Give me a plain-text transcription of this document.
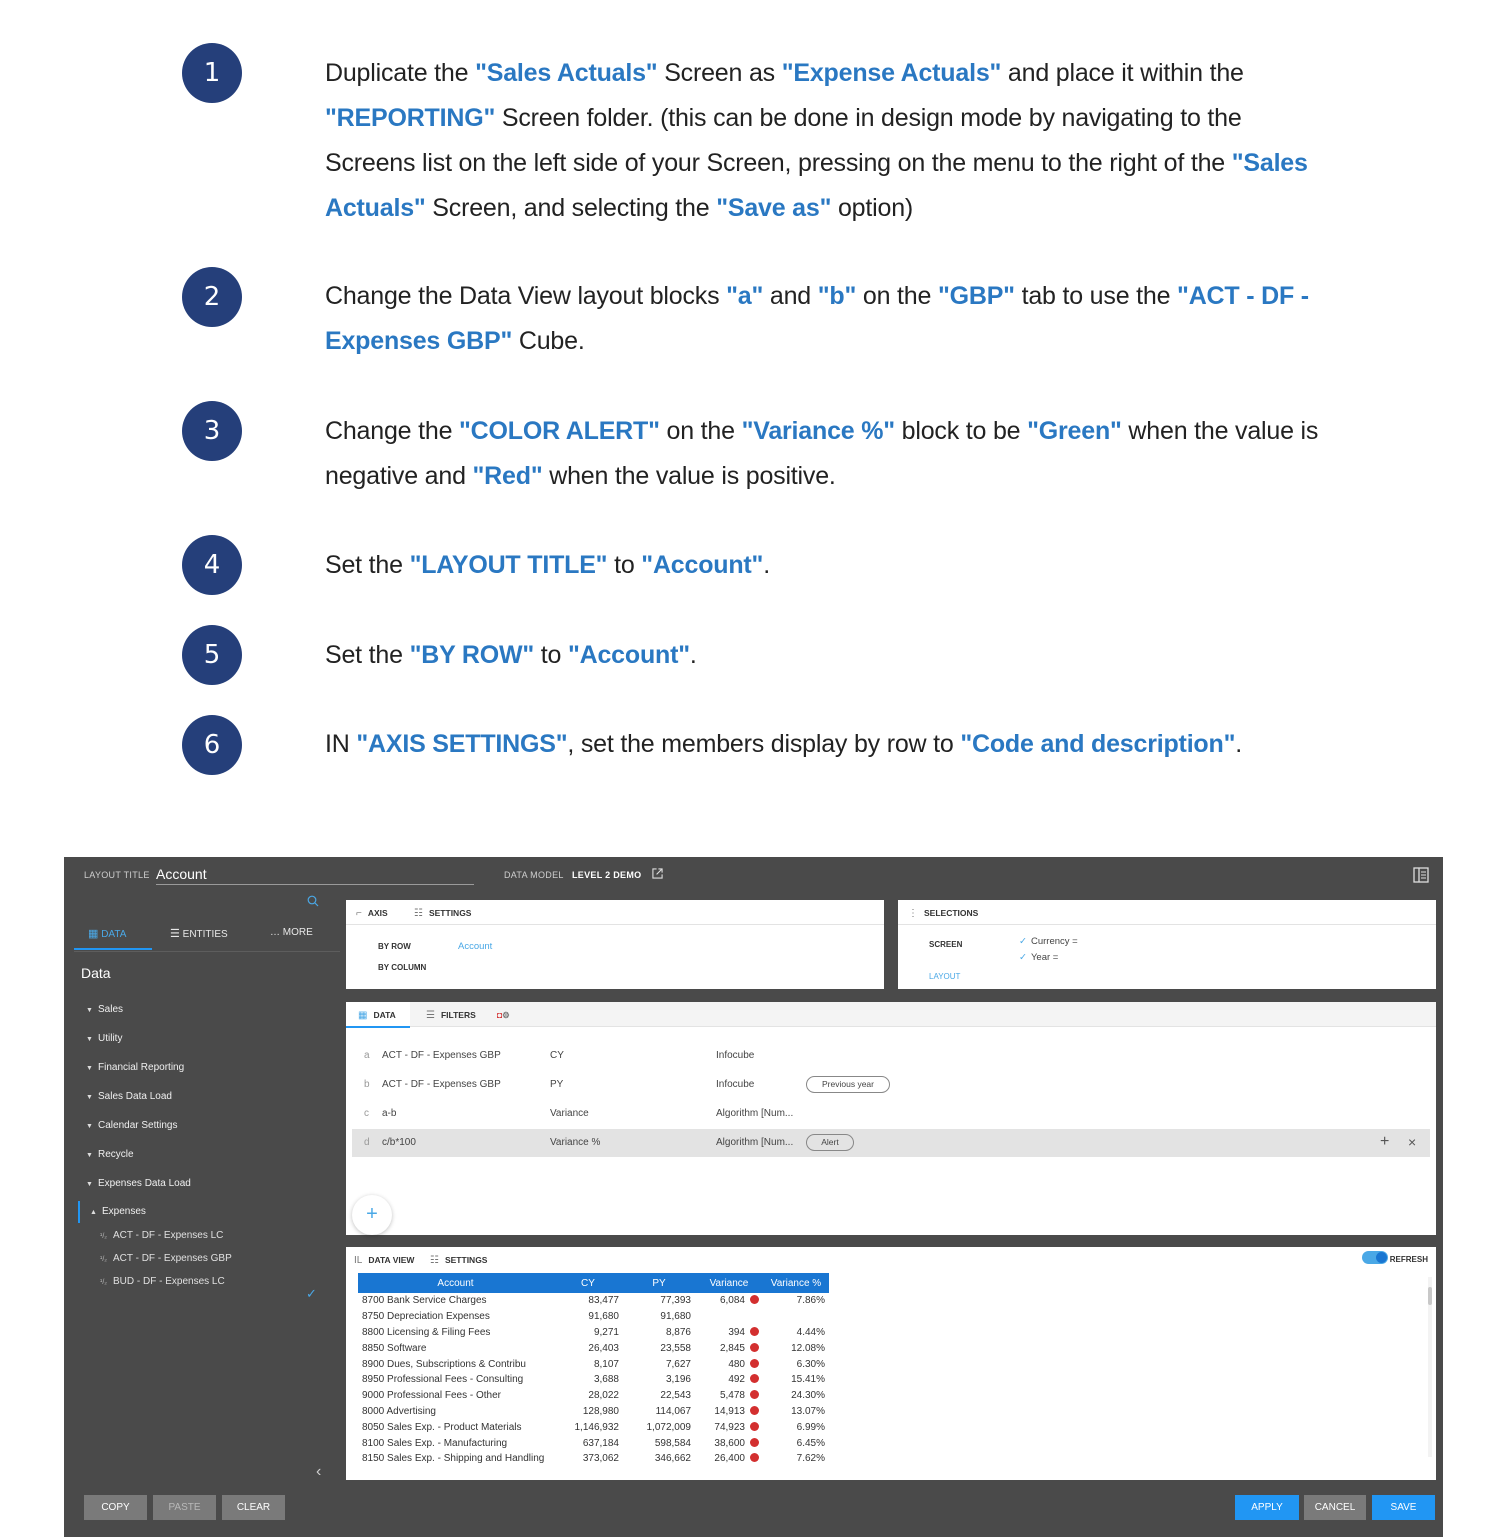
1	Duplicate the "Sales Actuals" Screen as "Expense Actuals" and place it within the "REPORTING" Screen folder. (this can be done in design mode by navigating to the Screens list on the left side of your Screen, pressing on the menu to the right of the "Sales Actuals" Screen, and selecting the "Save as" option)
2	Change the Data View layout blocks "a" and "b" on the "GBP" tab to use the "ACT - DF - Expenses GBP" Cube.
3	Change the "COLOR ALERT" on the "Variance %" block to be "Green" when the value is negative and "Red" when the value is positive.
4	Set the "LAYOUT TITLE" to "Account".
5	Set the "BY ROW" to "Account".
6	IN "AXIS SETTINGS", set the members display by row to "Code and description".
LAYOUT TITLE Account	DATA MODEL LEVEL 2 DEMO
▦ DATA	☰ ENTITIES	… MORE
Data
▼ Sales
▼ Utility
▼ Financial Reporting
▼ Sales Data Load
▼ Calendar Settings
▼ Recycle
▼ Expenses Data Load
▲ Expenses
¹/₂ ACT - DF - Expenses LC
¹/₂ ACT - DF - Expenses GBP
✓
¹/₂ BUD - DF - Expenses LC
‹
COPY	PASTE	CLEAR	APPLY	CANCEL	SAVE
⌐ AXIS	☷ SETTINGS
BY ROW	Account
BY COLUMN
⋮ SELECTIONS
SCREEN
LAYOUT
✓ Currency =
✓ Year =
▦ DATA	☰ FILTERS ◘⚙
a ACT - DF - Expenses GBP	CY	Infocube
b ACT - DF - Expenses GBP	PY	Infocube	Previous year
c a-b	Variance	Algorithm [Num...
d c/b*100	Variance %	Algorithm [Num...	Alert	+ ×
+
IL DATA VIEW ☷ SETTINGS	REFRESH
Account	CY	PY	Variance	Variance %
8700 Bank Service Charges	83,477	77,393	6,084	7.86%
8750 Depreciation Expenses	91,680	91,680		
8800 Licensing & Filing Fees	9,271	8,876	394	4.44%
8850 Software	26,403	23,558	2,845	12.08%
8900 Dues, Subscriptions & Contribu	8,107	7,627	480	6.30%
8950 Professional Fees - Consulting	3,688	3,196	492	15.41%
9000 Professional Fees - Other	28,022	22,543	5,478	24.30%
8000 Advertising	128,980	114,067	14,913	13.07%
8050 Sales Exp. - Product Materials	1,146,932	1,072,009	74,923	6.99%
8100 Sales Exp. - Manufacturing	637,184	598,584	38,600	6.45%
8150 Sales Exp. - Shipping and Handling	373,062	346,662	26,400	7.62%
